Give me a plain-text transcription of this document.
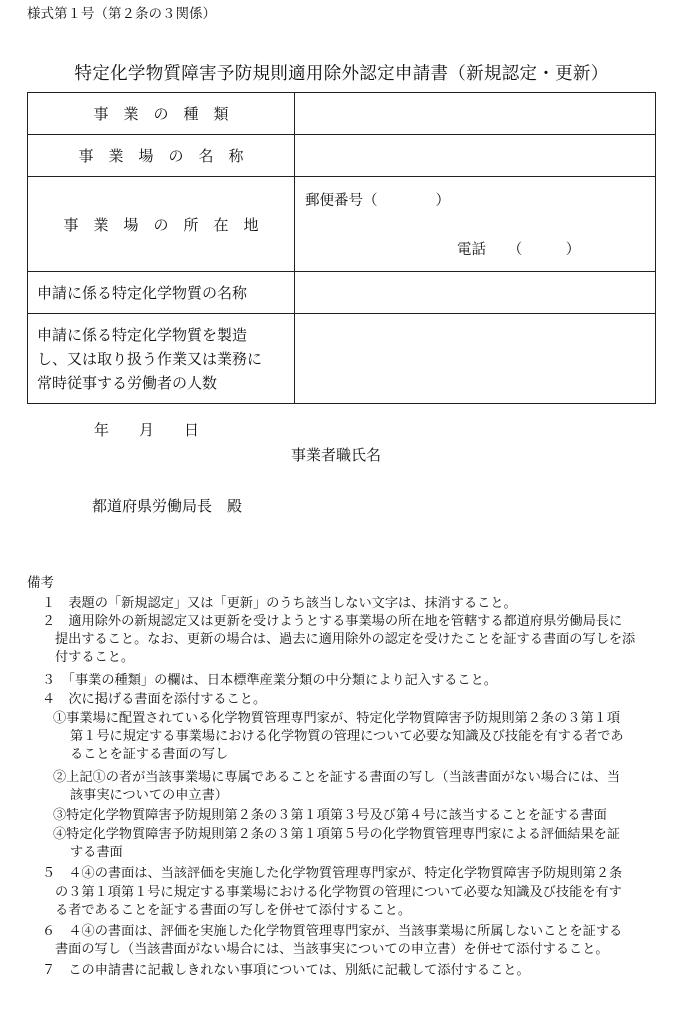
様式第１号（第２条の３関係）
特定化学物質障害予防規則適用除外認定申請書（新規認定・更新）
事　業　の　種　類	
事　業　場　の　名　称	
事　業　場　の　所　在　地	郵便番号（　　　　）
電話　　（　　　）

申請に係る特定化学物質の名称	

申請に係る特定化学物質を製造
し、又は取り扱う作業又は業務に
常時従事する労働者の人数	

年　　月　　日
事業者職氏名
都道府県労働局長　殿
備考
１　表題の「新規認定」又は「更新」のうち該当しない文字は、抹消すること。
２　適用除外の新規認定又は更新を受けようとする事業場の所在地を管轄する都道府県労働局長に
提出すること。なお、更新の場合は、過去に適用除外の認定を受けたことを証する書面の写しを添
付すること。
３　「事業の種類」の欄は、日本標準産業分類の中分類により記入すること。
４　次に掲げる書面を添付すること。
①事業場に配置されている化学物質管理専門家が、特定化学物質障害予防規則第２条の３第１項
第１号に規定する事業場における化学物質の管理について必要な知識及び技能を有する者であ
ることを証する書面の写し
②上記①の者が当該事業場に専属であることを証する書面の写し（当該書面がない場合には、当
該事実についての申立書）
③特定化学物質障害予防規則第２条の３第１項第３号及び第４号に該当することを証する書面
④特定化学物質障害予防規則第２条の３第１項第５号の化学物質管理専門家による評価結果を証
する書面
５　４④の書面は、当該評価を実施した化学物質管理専門家が、特定化学物質障害予防規則第２条
の３第１項第１号に規定する事業場における化学物質の管理について必要な知識及び技能を有す
る者であることを証する書面の写しを併せて添付すること。
６　４④の書面は、評価を実施した化学物質管理専門家が、当該事業場に所属しないことを証する
書面の写し（当該書面がない場合には、当該事実についての申立書）を併せて添付すること。
７　この申請書に記載しきれない事項については、別紙に記載して添付すること。
